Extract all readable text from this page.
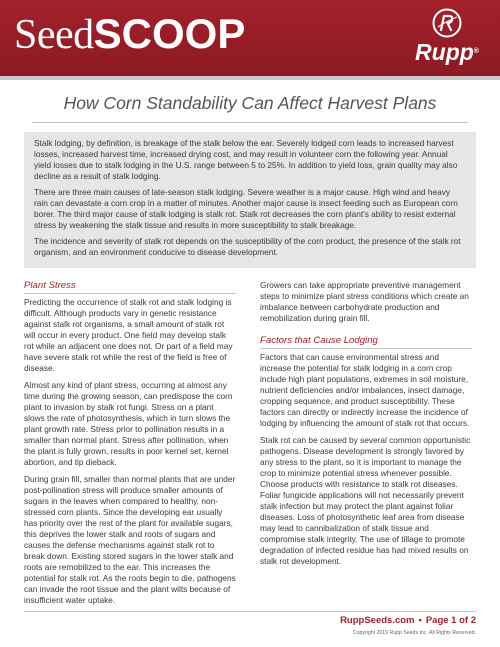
SeedSCOOP	Rupp®
How Corn Standability Can Affect Harvest Plans

Stalk lodging, by definition, is breakage of the stalk below the ear. Severely lodged corn leads to increased harvest losses, increased harvest time, increased drying cost, and may result in volunteer corn the following year. Annual yield losses due to stalk lodging in the U.S. range between 5 to 25%. In addition to yield loss, grain quality may also decline as a result of stalk lodging.

There are three main causes of late-season stalk lodging. Severe weather is a major cause. High wind and heavy rain can devastate a corn crop in a matter of minutes. Another major cause is insect feeding such as European corn borer. The third major cause of stalk lodging is stalk rot. Stalk rot decreases the corn plant's ability to resist external stress by weakening the stalk tissue and results in more susceptibility to stalk breakage.

The incidence and severity of stalk rot depends on the susceptibility of the corn product, the presence of the stalk rot organism, and an environment conducive to disease development.

Plant Stress

Predicting the occurrence of stalk rot and stalk lodging is difficult. Although products vary in genetic resistance against stalk rot organisms, a small amount of stalk rot will occur in every product. One field may develop stalk rot while an adjacent one does not. Or part of a field may have severe stalk rot while the rest of the field is free of disease.

Almost any kind of plant stress, occurring at almost any time during the growing season, can predispose the corn plant to invasion by stalk rot fungi. Stress on a plant slows the rate of photosynthesis, which in turn slows the plant growth rate. Stress prior to pollination results in a smaller than normal plant. Stress after pollination, when the plant is fully grown, results in poor kernel set, kernel abortion, and tip dieback.

During grain fill, smaller than normal plants that are under post-pollination stress will produce smaller amounts of sugars in the leaves when compared to healthy, non-stressed corn plants. Since the developing ear usually has priority over the rest of the plant for available sugars, this deprives the lower stalk and roots of sugars and causes the defense mechanisms against stalk rot to break down. Existing stored sugars in the lower stalk and roots are remobilized to the ear. This increases the potential for stalk rot. As the roots begin to die, pathogens can invade the root tissue and the plant wilts because of insufficient water uptake.

Growers can take appropriate preventive management steps to minimize plant stress conditions which create an imbalance between carbohydrate production and remobilization during grain fill.

Factors that Cause Lodging

Factors that can cause environmental stress and increase the potential for stalk lodging in a corn crop include high plant populations, extremes in soil moisture, nutrient deficiencies and/or imbalances, insect damage, cropping sequence, and product susceptibility. These factors can directly or indirectly increase the incidence of lodging by influencing the amount of stalk rot that occurs.

Stalk rot can be caused by several common opportunistic pathogens. Disease development is strongly favored by any stress to the plant, so it is important to manage the crop to minimize potential stress whenever possible. Choose products with resistance to stalk rot diseases. Foliar fungicide applications will not necessarily prevent stalk infection but may protect the plant against foliar diseases. Loss of photosynthetic leaf area from disease may lead to cannibalization of stalk tissue and compromise stalk integrity. The use of tillage to promote degradation of infected residue has had mixed results on stalk rot development.

RuppSeeds.com • Page 1 of 2
Copyright 2019 Rupp Seeds Inc. All Rights Reserved.
